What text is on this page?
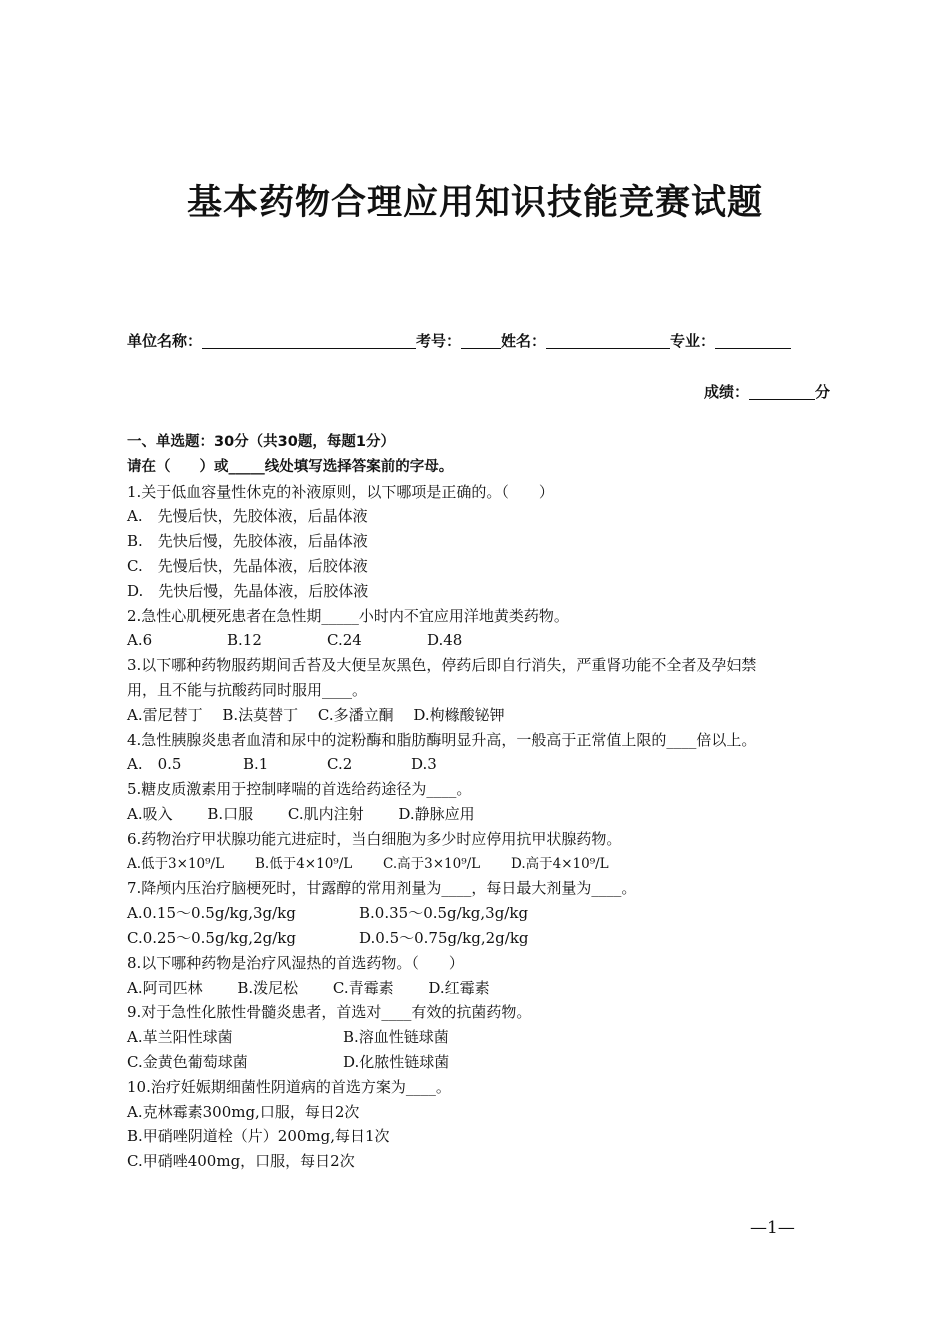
基本药物合理应用知识技能竞赛试题
单位名称：	考号：	姓名：	专业：
成绩：	分
一、单选题：30分（共30题，每题1分）
请在（　　）或_____线处填写选择答案前的字母。
1.关于低血容量性休克的补液原则，以下哪项是正确的。（　　）
A.　先慢后快，先胶体液，后晶体液
B.　先快后慢，先胶体液，后晶体液
C.　先慢后快，先晶体液，后胶体液
D.　先快后慢，先晶体液，后胶体液
2.急性心肌梗死患者在急性期_____小时内不宜应用洋地黄类药物。
A.6	B.12	C.24	D.48
3.以下哪种药物服药期间舌苔及大便呈灰黑色，停药后即自行消失，严重肾功能不全者及孕妇禁
用，且不能与抗酸药同时服用____。
A.雷尼替丁　 B.法莫替丁　 C.多潘立酮　 D.枸橼酸铋钾
4.急性胰腺炎患者血清和尿中的淀粉酶和脂肪酶明显升高，一般高于正常值上限的____倍以上。
A.　0.5	B.1	C.2	D.3
5.糖皮质激素用于控制哮喘的首选给药途径为____。
A.吸入　　 B.口服　　 C.肌内注射　　 D.静脉应用
6.药物治疗甲状腺功能亢进症时，当白细胞为多少时应停用抗甲状腺药物。
A.低于3×10⁹/L B.低于4×10⁹/L C.高于3×10⁹/L D.高于4×10⁹/L
7.降颅内压治疗脑梗死时，甘露醇的常用剂量为____，每日最大剂量为____。
A.0.15～0.5g/kg,3g/kg	B.0.35～0.5g/kg,3g/kg
C.0.25～0.5g/kg,2g/kg	D.0.5～0.75g/kg,2g/kg
8.以下哪种药物是治疗风湿热的首选药物。（　　）
A.阿司匹林　　 B.泼尼松　　 C.青霉素　　 D.红霉素
9.对于急性化脓性骨髓炎患者，首选对____有效的抗菌药物。
A.革兰阳性球菌	B.溶血性链球菌
C.金黄色葡萄球菌	D.化脓性链球菌
10.治疗妊娠期细菌性阴道病的首选方案为____。
A.克林霉素300mg,口服，每日2次
B.甲硝唑阴道栓（片）200mg,每日1次
C.甲硝唑400mg，口服，每日2次
—1—
